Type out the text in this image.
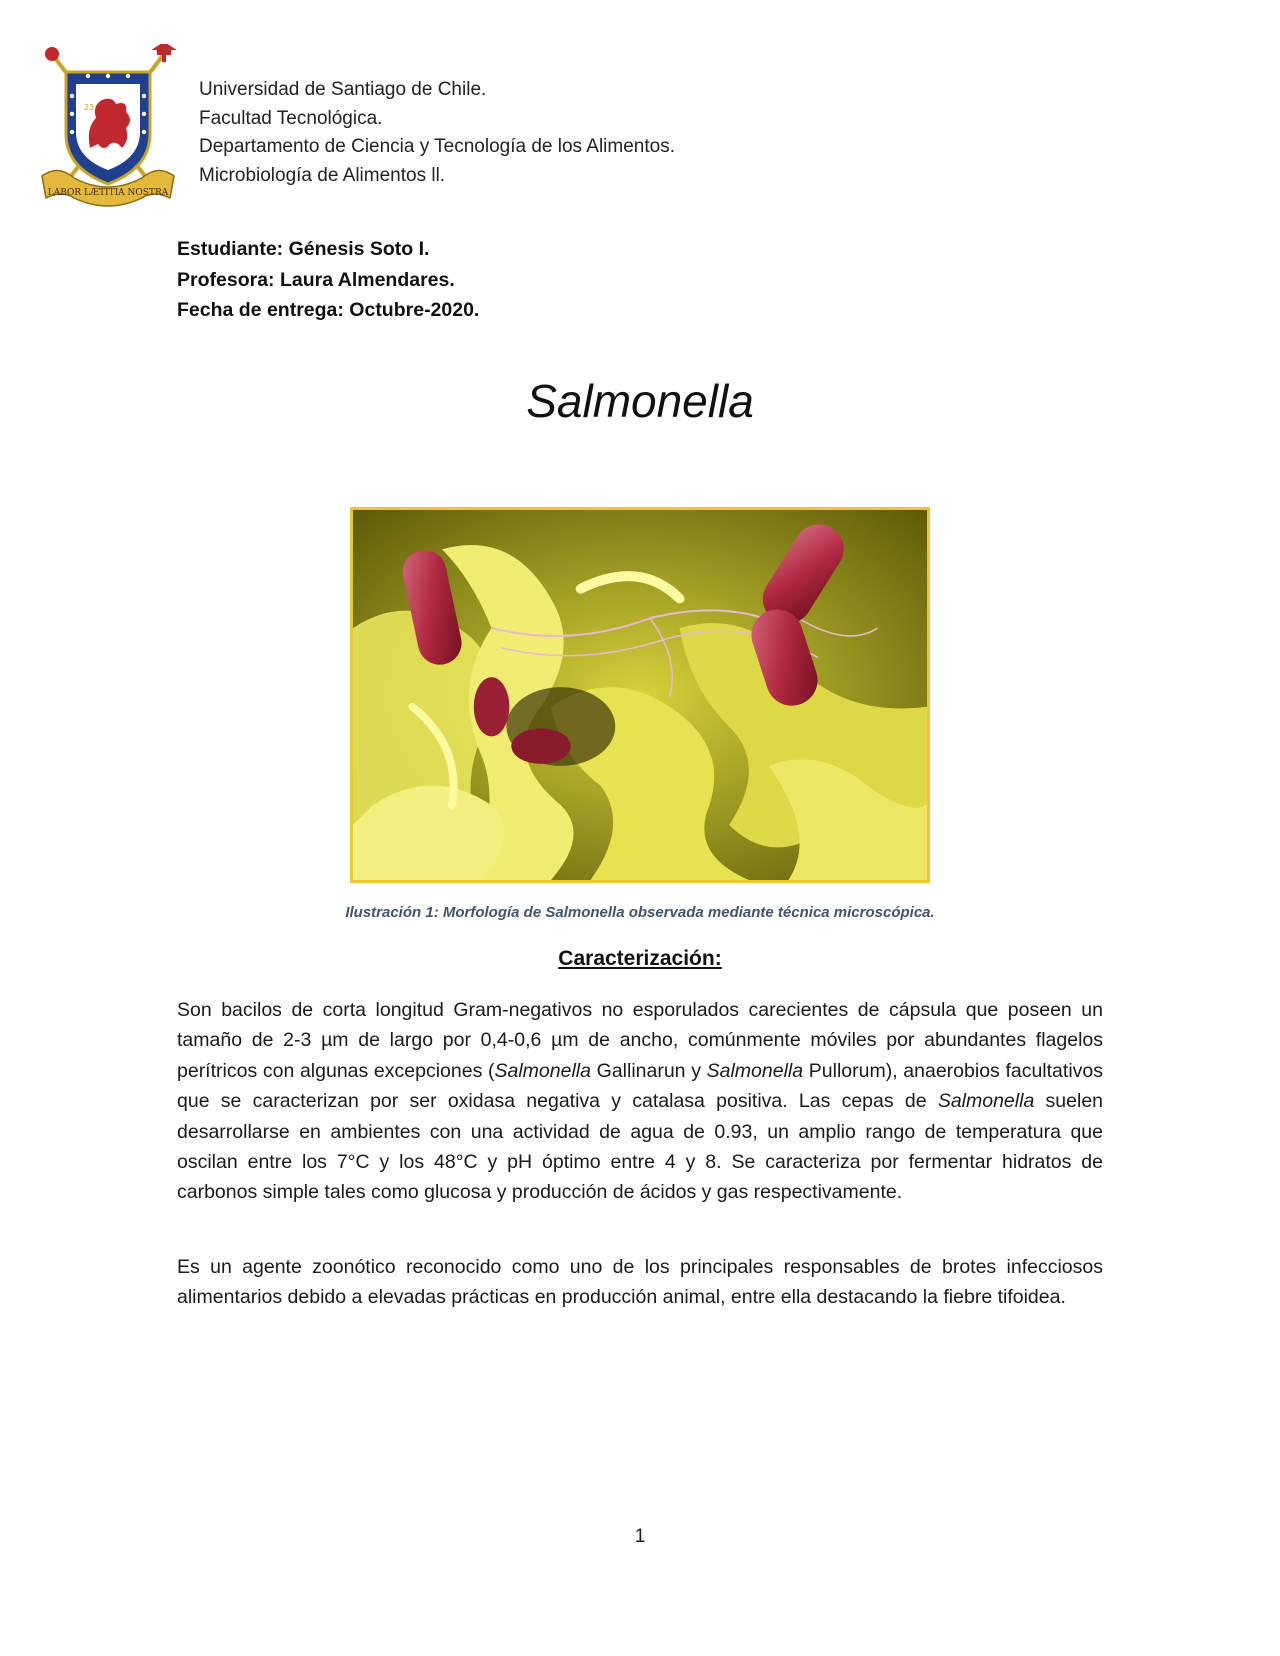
23
LABOR LÆTITIA NOSTRA
Universidad de Santiago de Chile.
Facultad Tecnológica.
Departamento de Ciencia y Tecnología de los Alimentos.
Microbiología de Alimentos ll.
Estudiante: Génesis Soto I.
Profesora: Laura Almendares.
Fecha de entrega: Octubre-2020.
Salmonella
Ilustración 1: Morfología de Salmonella observada mediante técnica microscópica.
Caracterización:

Son bacilos de corta longitud Gram-negativos no esporulados carecientes de cápsula que poseen un tamaño de 2-3 µm de largo por 0,4-0,6 µm de ancho, comúnmente móviles por abundantes flagelos perítricos con algunas excepciones (Salmonella Gallinarun y Salmonella Pullorum), anaerobios facultativos que se caracterizan por ser oxidasa negativa y catalasa positiva. Las cepas de Salmonella suelen desarrollarse en ambientes con una actividad de agua de 0.93, un amplio rango de temperatura que oscilan entre los 7°C y los 48°C y pH óptimo entre 4 y 8. Se caracteriza por fermentar hidratos de carbonos simple tales como glucosa y producción de ácidos y gas respectivamente.

Es un agente zoonótico reconocido como uno de los principales responsables de brotes infecciosos alimentarios debido a elevadas prácticas en producción animal, entre ella destacando la fiebre tifoidea.

1
